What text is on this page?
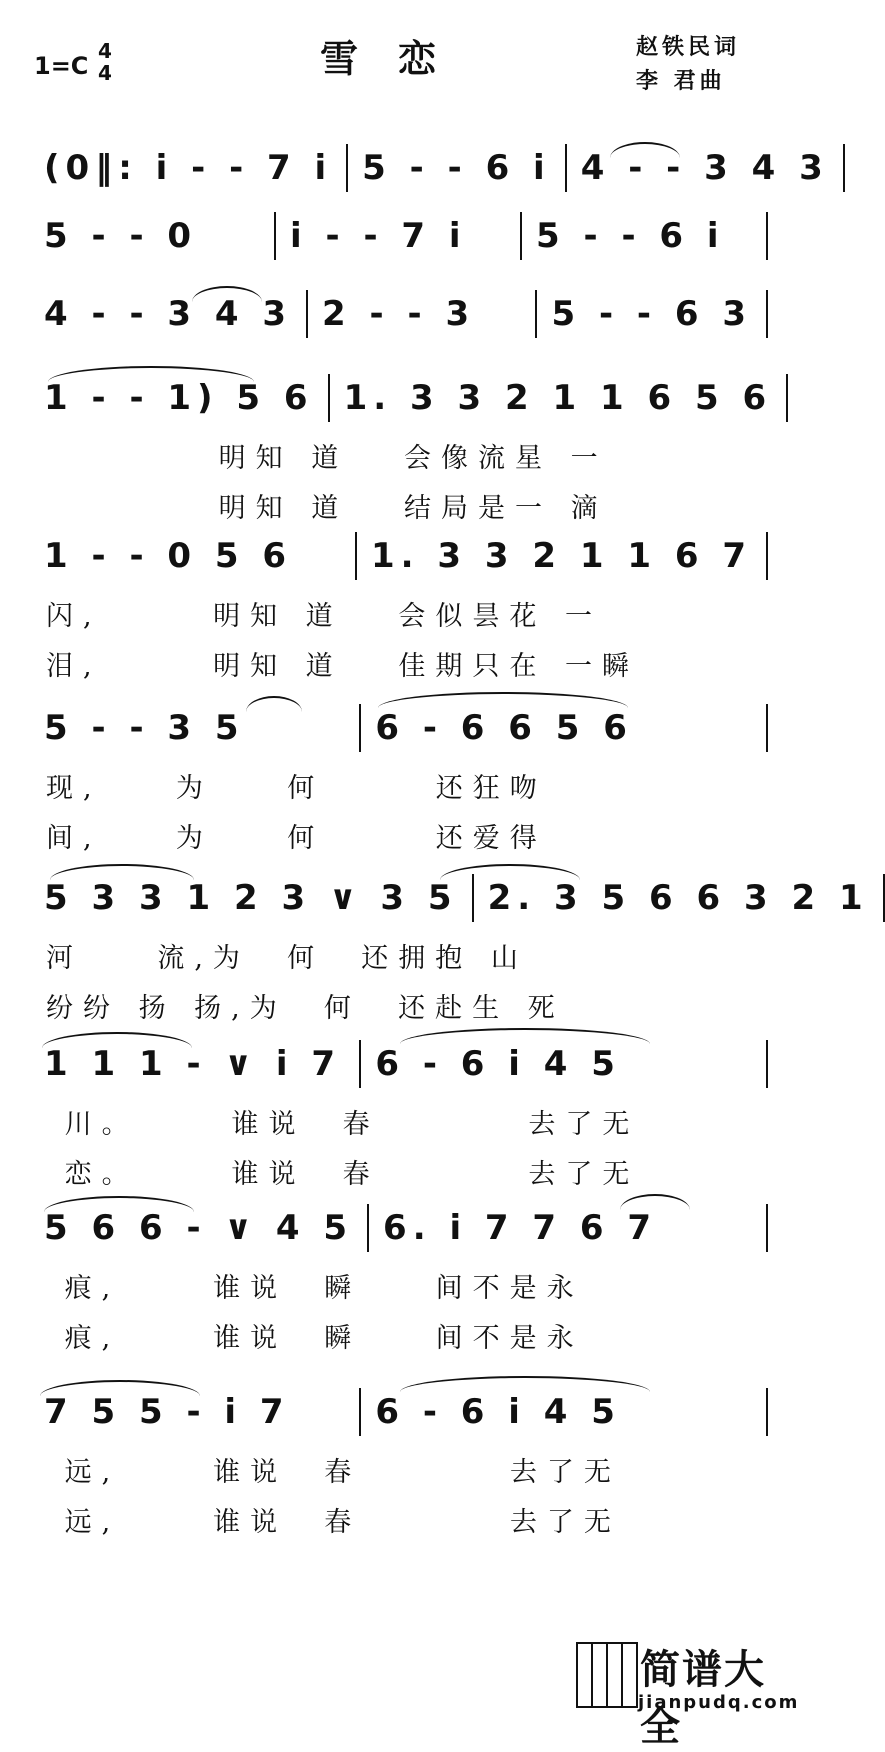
1=C
4
4	雪恋	赵铁民词
李 君曲
(0‖: i - - 7 i 5 - - 6 i 4 - - 3 4 3
5 - - 0	i - - 7 i 5 - - 6 i
4 - - 3 4 3 2 - - 3 5 - - 6 3
1 - - 1) 5 6 1. 3 3 2 1 1 6 5 6
明知 道   会像流星 一
明知 道   结局是一 滴
1 - - 0 5 6 1. 3 3 2 1 1 6 7
闪,      明知 道   会似昙花 一
泪,      明知 道   佳期只在 一瞬
5 - - 3 5	6 - 6 6 5 6
现,    为    何      还狂吻
间,    为    何      还爱得
5 3 3 1 2 3 ∨ 3 5 2. 3 5 6 6 3 2 1
河    流,为  何  还拥抱 山
纷纷 扬 扬,为  何  还赴生 死
1 1 1 - ∨ i 7 6 - 6 i 4 5
川。     谁说  春        去了无
恋。     谁说  春        去了无
5 6 6 - ∨ 4 5 6. i 7 7 6 7
痕,     谁说  瞬    间不是永
痕,     谁说  瞬    间不是永
7 5 5 - i 7	6 - 6 i 4 5
远,     谁说  春        去了无
远,     谁说  春        去了无
简谱大全
jianpudq.com
